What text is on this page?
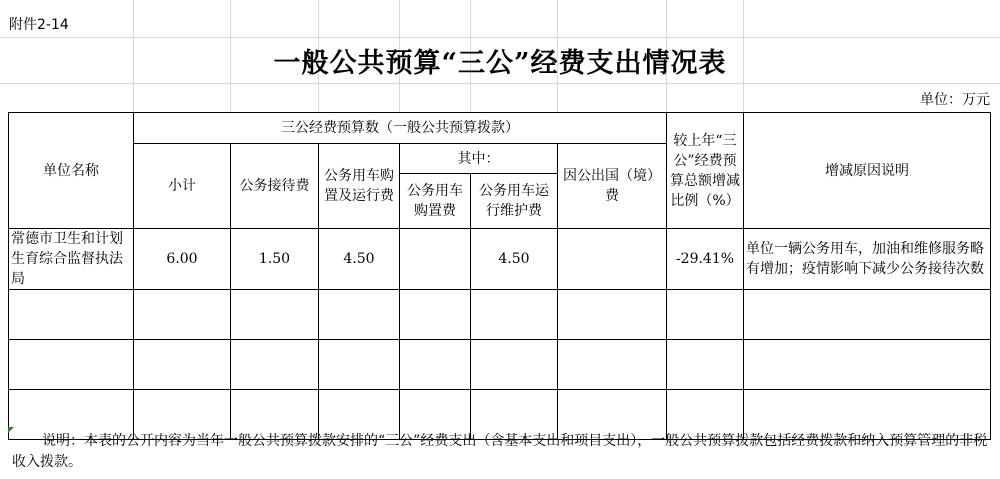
附件2-14
一般公共预算“三公”经费支出情况表
单位：万元
单位名称	三公经费预算数（一般公共预算拨款）						较上年“三公”经费预算总额增减比例（%）	增减原因说明
	小计	公务接待费	公务用车购置及运行费	其中：		因公出国（境）费		
				公务用车购置费	公务用车运行维护费			
常德市卫生和计划生育综合监督执法局	6.00	1.50	4.50		4.50		-29.41%	单位一辆公务用车，加油和维修服务略有增加；疫情影响下减少公务接待次数

说明：本表的公开内容为当年一般公共预算拨款安排的“三公”经费支出（含基本支出和项目支出），一般公共预算拨款包括经费拨款和纳入预算管理的非税收入拨款。
